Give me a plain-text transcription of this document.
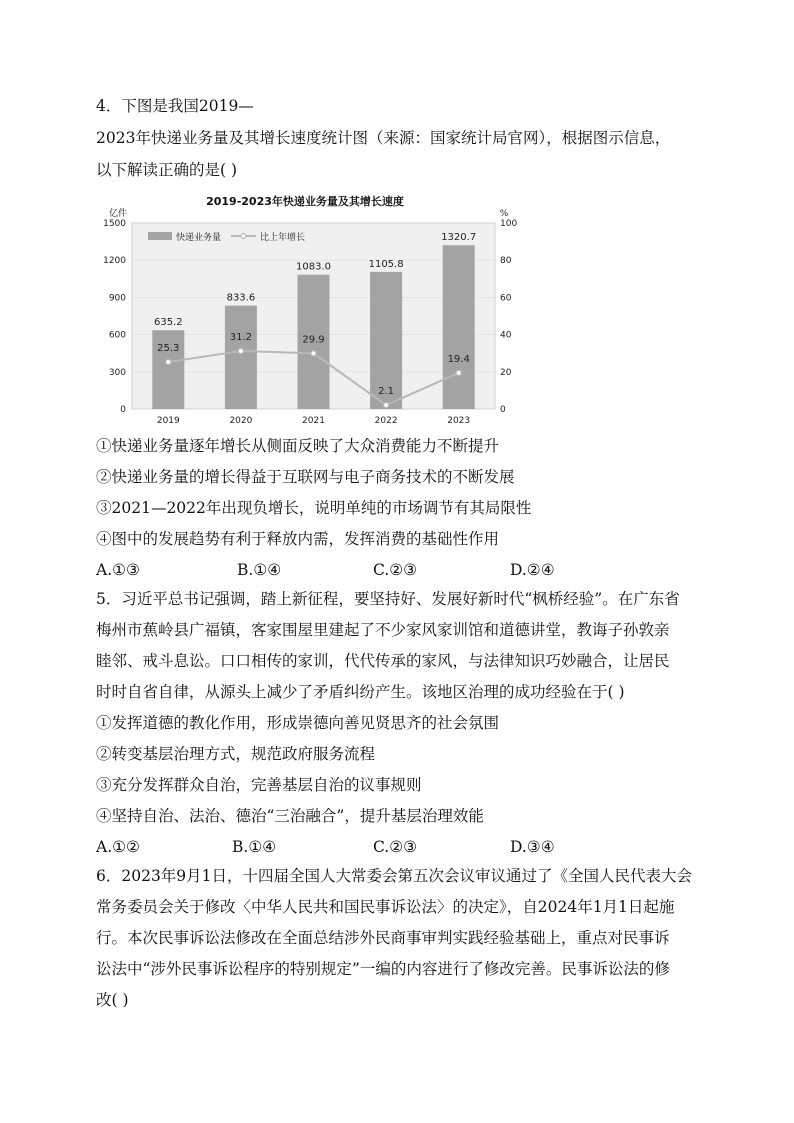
4．下图是我国2019—
2023年快递业务量及其增长速度统计图（来源：国家统计局官网），根据图示信息，
以下解读正确的是( )
2019-2023年快递业务量及其增长速度
亿件	%
0
300
600
900
1200
1500
0
20
40
60
80
100
635.2
833.6
1083.0	1105.8
1320.7
25.3
31.2	29.9
2.1
19.4
2019	2020	2021	2022	2023
快递业务量	比上年增长
①快递业务量逐年增长从侧面反映了大众消费能力不断提升
②快递业务量的增长得益于互联网与电子商务技术的不断发展
③2021—2022年出现负增长，说明单纯的市场调节有其局限性
④图中的发展趋势有利于释放内需，发挥消费的基础性作用
A.①③	B.①④	C.②③	D.②④
5．习近平总书记强调，踏上新征程，要坚持好、发展好新时代“枫桥经验”。在广东省
梅州市蕉岭县广福镇，客家围屋里建起了不少家风家训馆和道德讲堂，教诲子孙敦亲
睦邻、戒斗息讼。口口相传的家训，代代传承的家风，与法律知识巧妙融合，让居民
时时自省自律，从源头上减少了矛盾纠纷产生。该地区治理的成功经验在于( )
①发挥道德的教化作用，形成崇德向善见贤思齐的社会氛围
②转变基层治理方式，规范政府服务流程
③充分发挥群众自治，完善基层自治的议事规则
④坚持自治、法治、德治“三治融合”，提升基层治理效能
A.①②	B.①④	C.②③	D.③④
6．2023年9月1日，十四届全国人大常委会第五次会议审议通过了《全国人民代表大会
常务委员会关于修改〈中华人民共和国民事诉讼法〉的决定》，自2024年1月1日起施
行。本次民事诉讼法修改在全面总结涉外民商事审判实践经验基础上，重点对民事诉
讼法中“涉外民事诉讼程序的特别规定”一编的内容进行了修改完善。民事诉讼法的修
改( )
